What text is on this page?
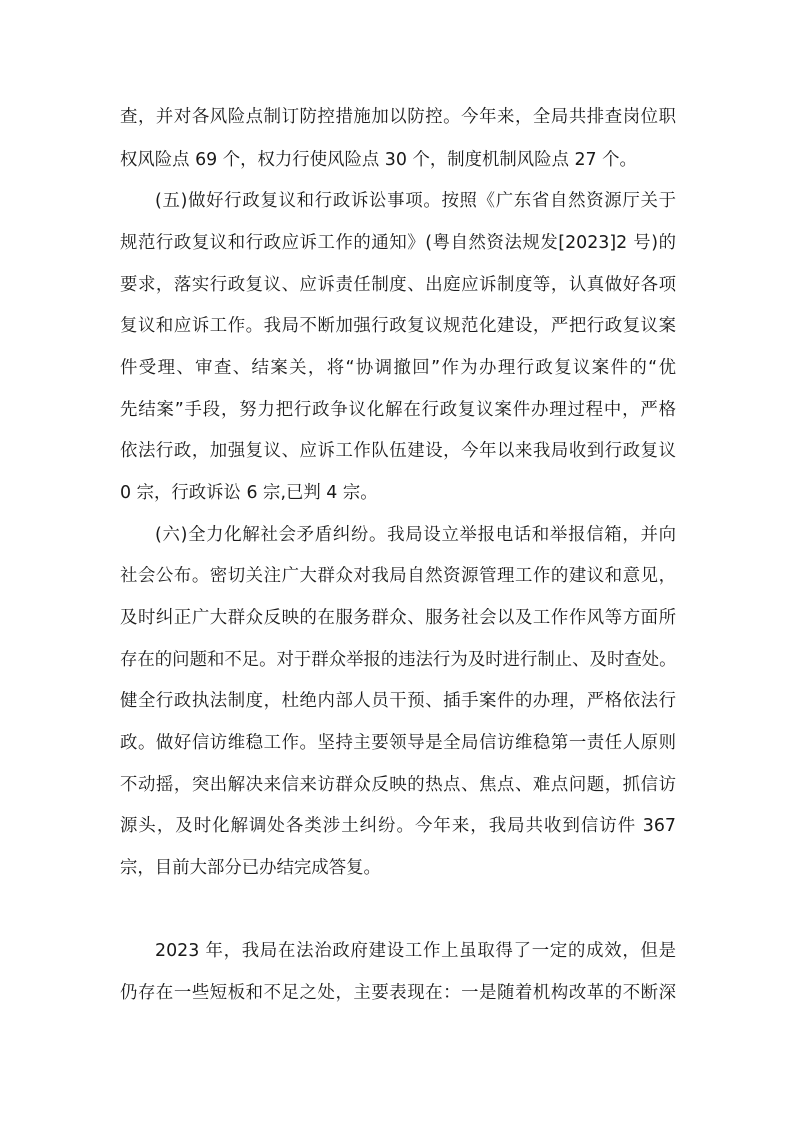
查，并对各风险点制订防控措施加以防控。今年来，全局共排查岗位职
权风险点 69 个，权力行使风险点 30 个，制度机制风险点 27 个。
(五)做好行政复议和行政诉讼事项。按照《广东省自然资源厅关于
规范行政复议和行政应诉工作的通知》(粤自然资法规发[2023]2 号)的
要求，落实行政复议、应诉责任制度、出庭应诉制度等，认真做好各项
复议和应诉工作。我局不断加强行政复议规范化建设，严把行政复议案
件受理、审查、结案关，将“协调撤回”作为办理行政复议案件的“优
先结案”手段，努力把行政争议化解在行政复议案件办理过程中，严格
依法行政，加强复议、应诉工作队伍建设，今年以来我局收到行政复议
0 宗，行政诉讼 6 宗,已判 4 宗。
(六)全力化解社会矛盾纠纷。我局设立举报电话和举报信箱，并向
社会公布。密切关注广大群众对我局自然资源管理工作的建议和意见，
及时纠正广大群众反映的在服务群众、服务社会以及工作作风等方面所
存在的问题和不足。对于群众举报的违法行为及时进行制止、及时查处。
健全行政执法制度，杜绝内部人员干预、插手案件的办理，严格依法行
政。做好信访维稳工作。坚持主要领导是全局信访维稳第一责任人原则
不动摇，突出解决来信来访群众反映的热点、焦点、难点问题，抓信访
源头，及时化解调处各类涉土纠纷。今年来，我局共收到信访件 367
宗，目前大部分已办结完成答复。
2023 年，我局在法治政府建设工作上虽取得了一定的成效，但是
仍存在一些短板和不足之处，主要表现在：一是随着机构改革的不断深
